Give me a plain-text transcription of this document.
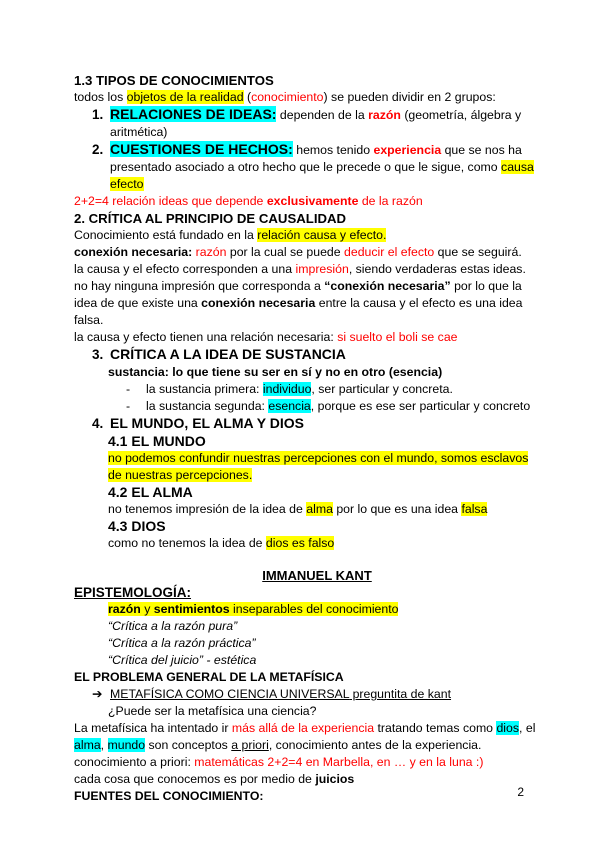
1.3 TIPOS DE CONOCIMIENTOS
todos los objetos de la realidad (conocimiento) se pueden dividir en 2 grupos:
1. RELACIONES DE IDEAS: dependen de la razón (geometría, álgebra y
aritmética)
2. CUESTIONES DE HECHOS: hemos tenido experiencia que se nos ha
presentado asociado a otro hecho que le precede o que le sigue, como causa
efecto
2+2=4 relación ideas que depende exclusivamente de la razón
2. CRÍTICA AL PRINCIPIO DE CAUSALIDAD
Conocimiento está fundado en la relación causa y efecto.
conexión necesaria: razón por la cual se puede deducir el efecto que se seguirá.
la causa y el efecto corresponden a una impresión, siendo verdaderas estas ideas.
no hay ninguna impresión que corresponda a “conexión necesaria” por lo que la
idea de que existe una conexión necesaria entre la causa y el efecto es una idea
falsa.
la causa y efecto tienen una relación necesaria: si suelto el boli se cae
3. CRÍTICA A LA IDEA DE SUSTANCIA
sustancia: lo que tiene su ser en sí y no en otro (esencia)
- la sustancia primera: individuo, ser particular y concreta.
- la sustancia segunda: esencia, porque es ese ser particular y concreto
4. EL MUNDO, EL ALMA Y DIOS
4.1 EL MUNDO
no podemos confundir nuestras percepciones con el mundo, somos esclavos
de nuestras percepciones.
4.2 EL ALMA
no tenemos impresión de la idea de alma por lo que es una idea falsa
4.3 DIOS
como no tenemos la idea de dios es falso
IMMANUEL KANT
EPISTEMOLOGÍA:
razón y sentimientos inseparables del conocimiento
“Crítica a la razón pura”
“Crítica a la razón práctica”
“Crítica del juicio” - estética
EL PROBLEMA GENERAL DE LA METAFÍSICA
➔ METAFÍSICA COMO CIENCIA UNIVERSAL preguntita de kant
¿Puede ser la metafísica una ciencia?
La metafísica ha intentado ir más allá de la experiencia tratando temas como dios, el
alma, mundo son conceptos a priori, conocimiento antes de la experiencia.
conocimiento a priori: matemáticas 2+2=4 en Marbella, en … y en la luna :)
cada cosa que conocemos es por medio de juicios
FUENTES DEL CONOCIMIENTO:	2
